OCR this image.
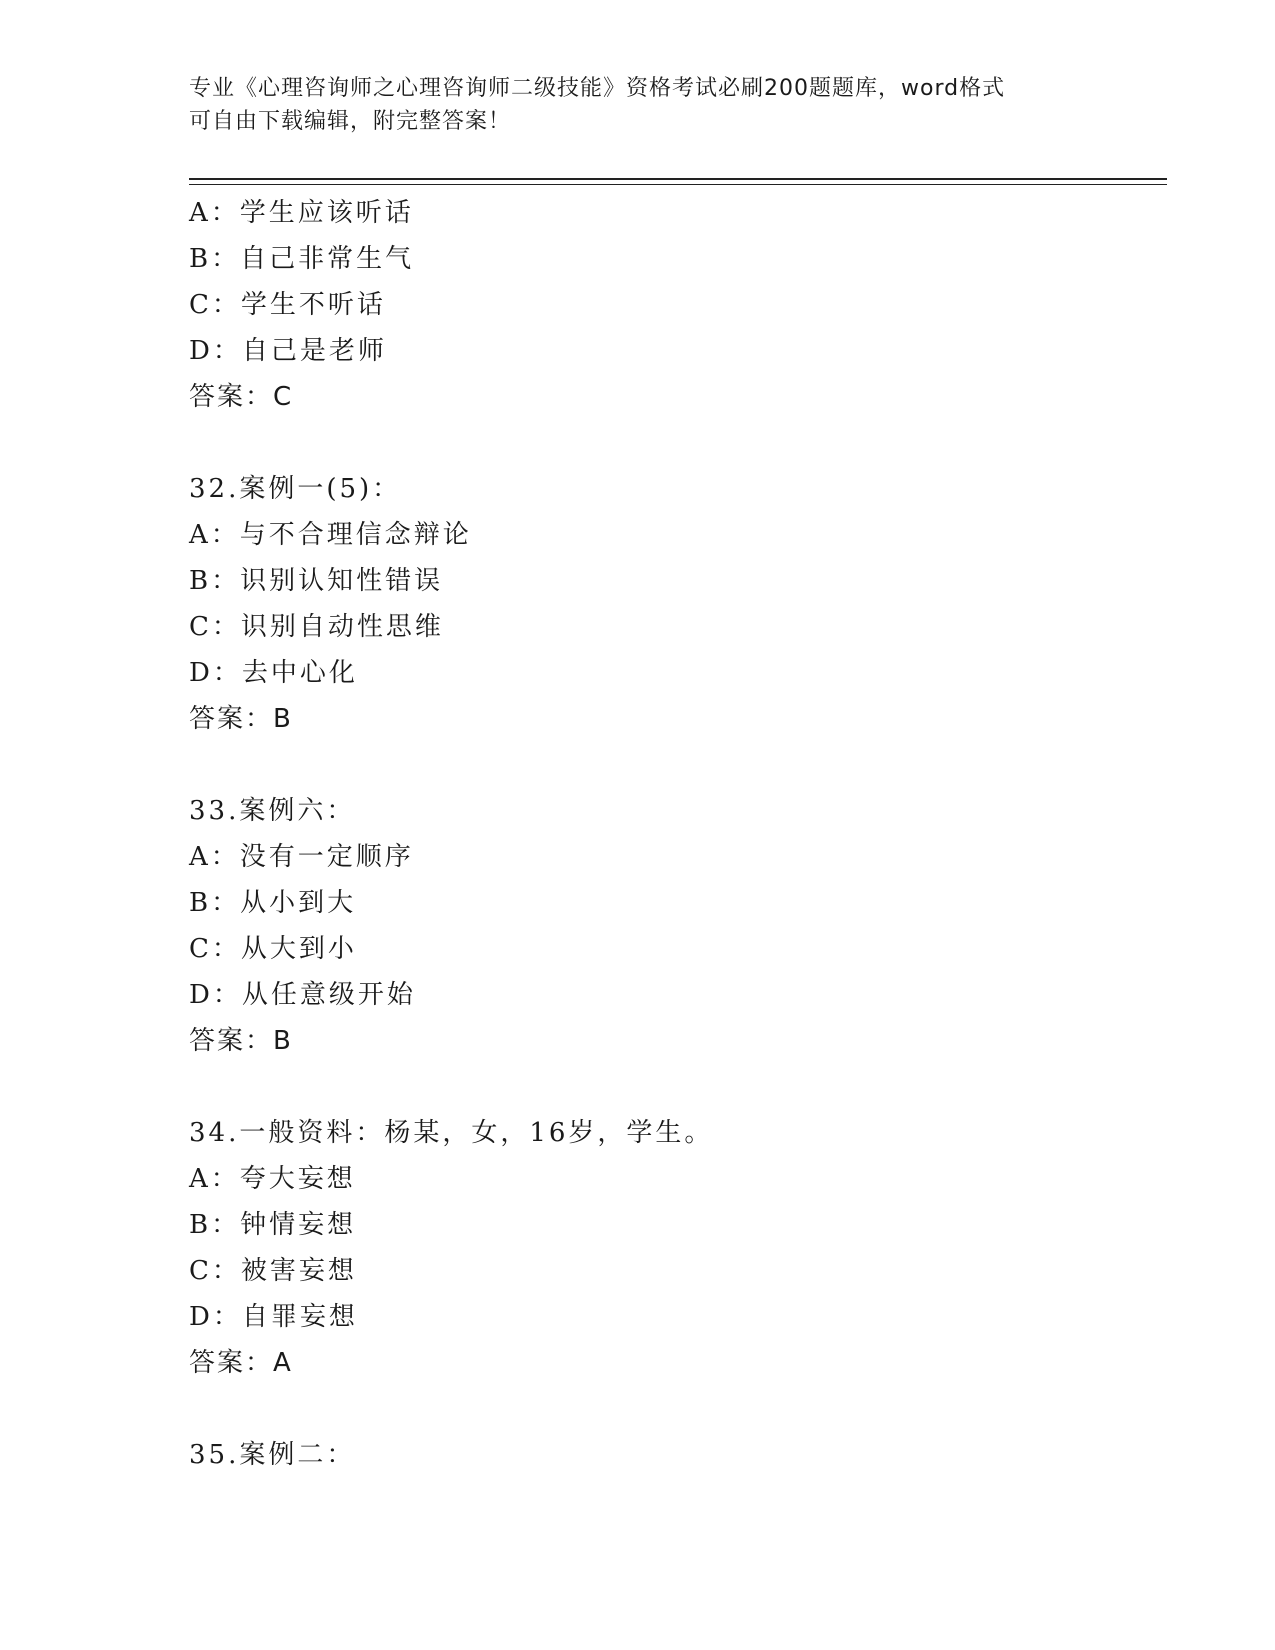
专业《心理咨询师之心理咨询师二级技能》资格考试必刷200题题库，word格式
可自由下载编辑，附完整答案！
A：学生应该听话
B：自己非常生气
C：学生不听话
D：自己是老师
答案：C
32.案例一(5)：
A：与不合理信念辩论
B：识别认知性错误
C：识别自动性思维
D：去中心化
答案：B
33.案例六：
A：没有一定顺序
B：从小到大
C：从大到小
D：从任意级开始
答案：B
34.一般资料：杨某，女，16岁，学生。
A：夸大妄想
B：钟情妄想
C：被害妄想
D：自罪妄想
答案：A
35.案例二：
